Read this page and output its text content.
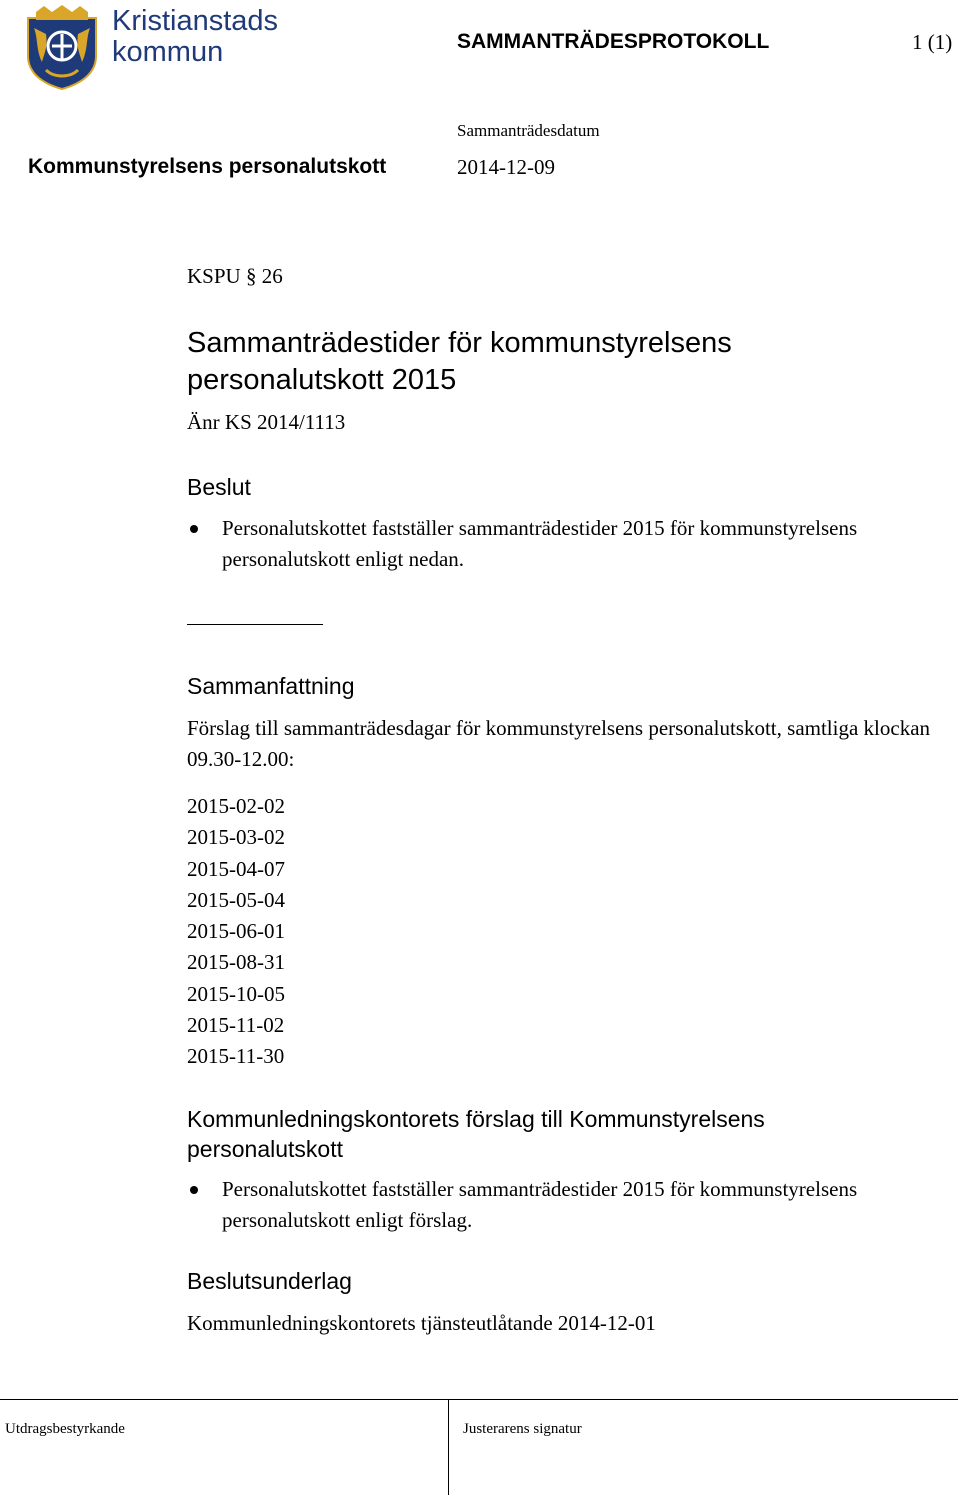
Kristianstads
kommun	SAMMANTRÄDESPROTOKOLL	1 (1)
Sammanträdesdatum
Kommunstyrelsens personalutskott	2014-12-09
KSPU § 26
Sammanträdestider för kommunstyrelsens personalutskott 2015
Änr KS 2014/1113
Beslut
Personalutskottet fastställer sammanträdestider 2015 för kommunstyrelsens personalutskott enligt nedan.
Sammanfattning
Förslag till sammanträdesdagar för kommunstyrelsens personalutskott, samtliga klockan 09.30-12.00:
2015-02-02
2015-03-02
2015-04-07
2015-05-04
2015-06-01
2015-08-31
2015-10-05
2015-11-02
2015-11-30
Kommunledningskontorets förslag till Kommunstyrelsens personalutskott
Personalutskottet fastställer sammanträdestider 2015 för kommunstyrelsens personalutskott enligt förslag.
Beslutsunderlag
Kommunledningskontorets tjänsteutlåtande 2014-12-01
Utdragsbestyrkande	Justerarens signatur
